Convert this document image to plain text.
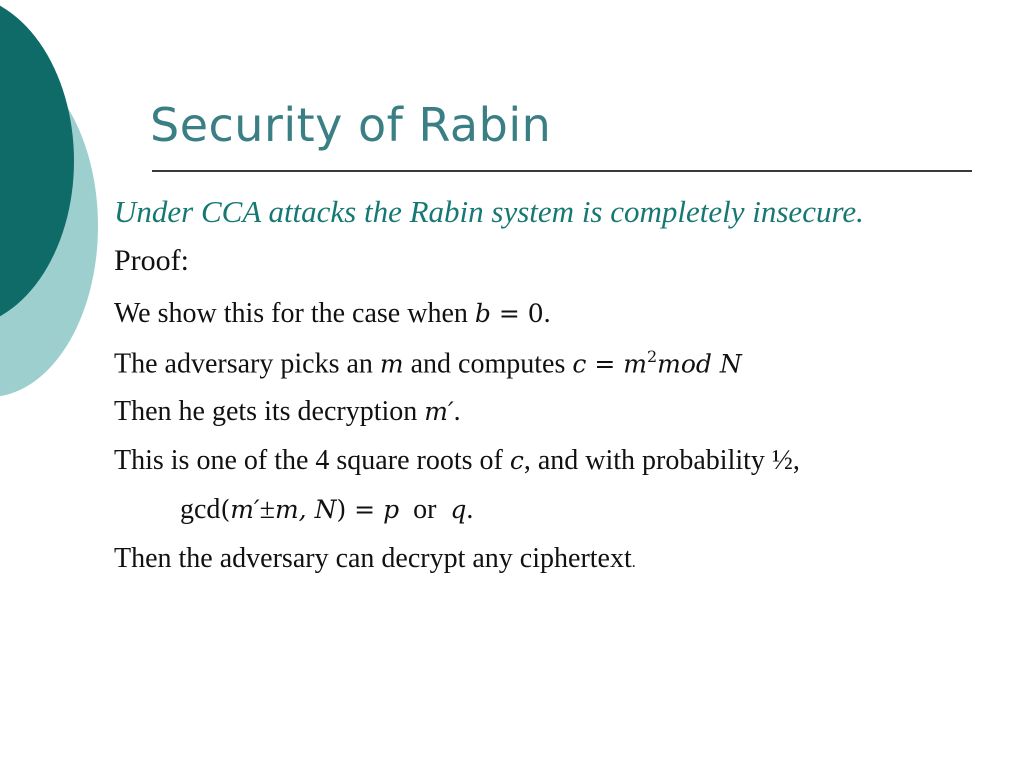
Security of Rabin
Under CCA attacks the Rabin system is completely insecure.
Proof:
We show this for the case when b = 0.
The adversary picks an m and computes $c = m^2mod$ N
Then he gets its decryption m′.
This is one of the 4 square roots of c, and with probability ½,
gcd(m′±m, N) = p  or  q.
Then the adversary can decrypt any ciphertext.
